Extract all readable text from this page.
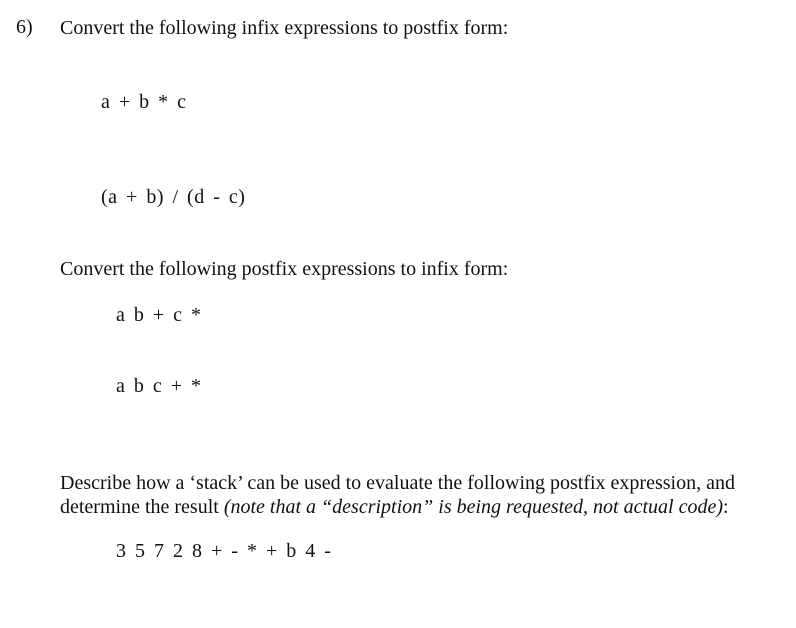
6) Convert the following infix expressions to postfix form:
a + b * c
(a + b) / (d - c)
Convert the following postfix expressions to infix form:
a b + c *
a b c + *
Describe how a ‘stack’ can be used to evaluate the following postfix expression, and
determine the result (note that a “description” is being requested, not actual code):
3 5 7 2 8 + - * + b 4 -
